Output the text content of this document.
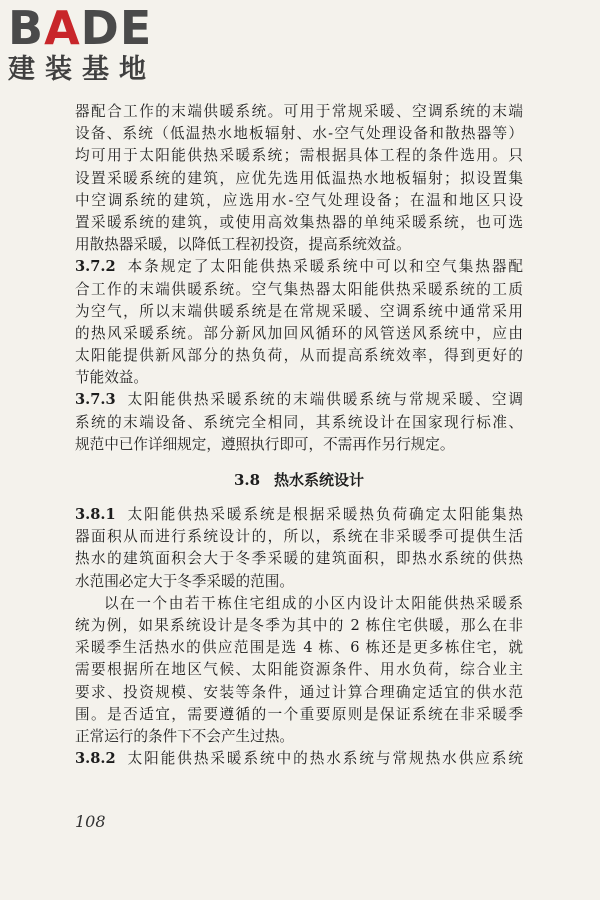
B A DE
建装基地
器配合工作的末端供暖系统。可用于常规采暖、空调系统的末端
设备、系统（低温热水地板辐射、水-空气处理设备和散热器等）
均可用于太阳能供热采暖系统；需根据具体工程的条件选用。只
设置采暖系统的建筑，应优先选用低温热水地板辐射；拟设置集
中空调系统的建筑，应选用水-空气处理设备；在温和地区只设
置采暖系统的建筑，或使用高效集热器的单纯采暖系统，也可选
用散热器采暖，以降低工程初投资，提高系统效益。
3.7.2 本条规定了太阳能供热采暖系统中可以和空气集热器配
合工作的末端供暖系统。空气集热器太阳能供热采暖系统的工质
为空气，所以末端供暖系统是在常规采暖、空调系统中通常采用
的热风采暖系统。部分新风加回风循环的风管送风系统中，应由
太阳能提供新风部分的热负荷，从而提高系统效率，得到更好的
节能效益。
3.7.3 太阳能供热采暖系统的末端供暖系统与常规采暖、空调
系统的末端设备、系统完全相同，其系统设计在国家现行标准、
规范中已作详细规定，遵照执行即可，不需再作另行规定。
3.8 热水系统设计
3.8.1 太阳能供热采暖系统是根据采暖热负荷确定太阳能集热
器面积从而进行系统设计的，所以，系统在非采暖季可提供生活
热水的建筑面积会大于冬季采暖的建筑面积，即热水系统的供热
水范围必定大于冬季采暖的范围。
以在一个由若干栋住宅组成的小区内设计太阳能供热采暖系
统为例，如果系统设计是冬季为其中的 2 栋住宅供暖，那么在非
采暖季生活热水的供应范围是选 4 栋、6 栋还是更多栋住宅，就
需要根据所在地区气候、太阳能资源条件、用水负荷，综合业主
要求、投资规模、安装等条件，通过计算合理确定适宜的供水范
围。是否适宜，需要遵循的一个重要原则是保证系统在非采暖季
正常运行的条件下不会产生过热。
3.8.2 太阳能供热采暖系统中的热水系统与常规热水供应系统
108
